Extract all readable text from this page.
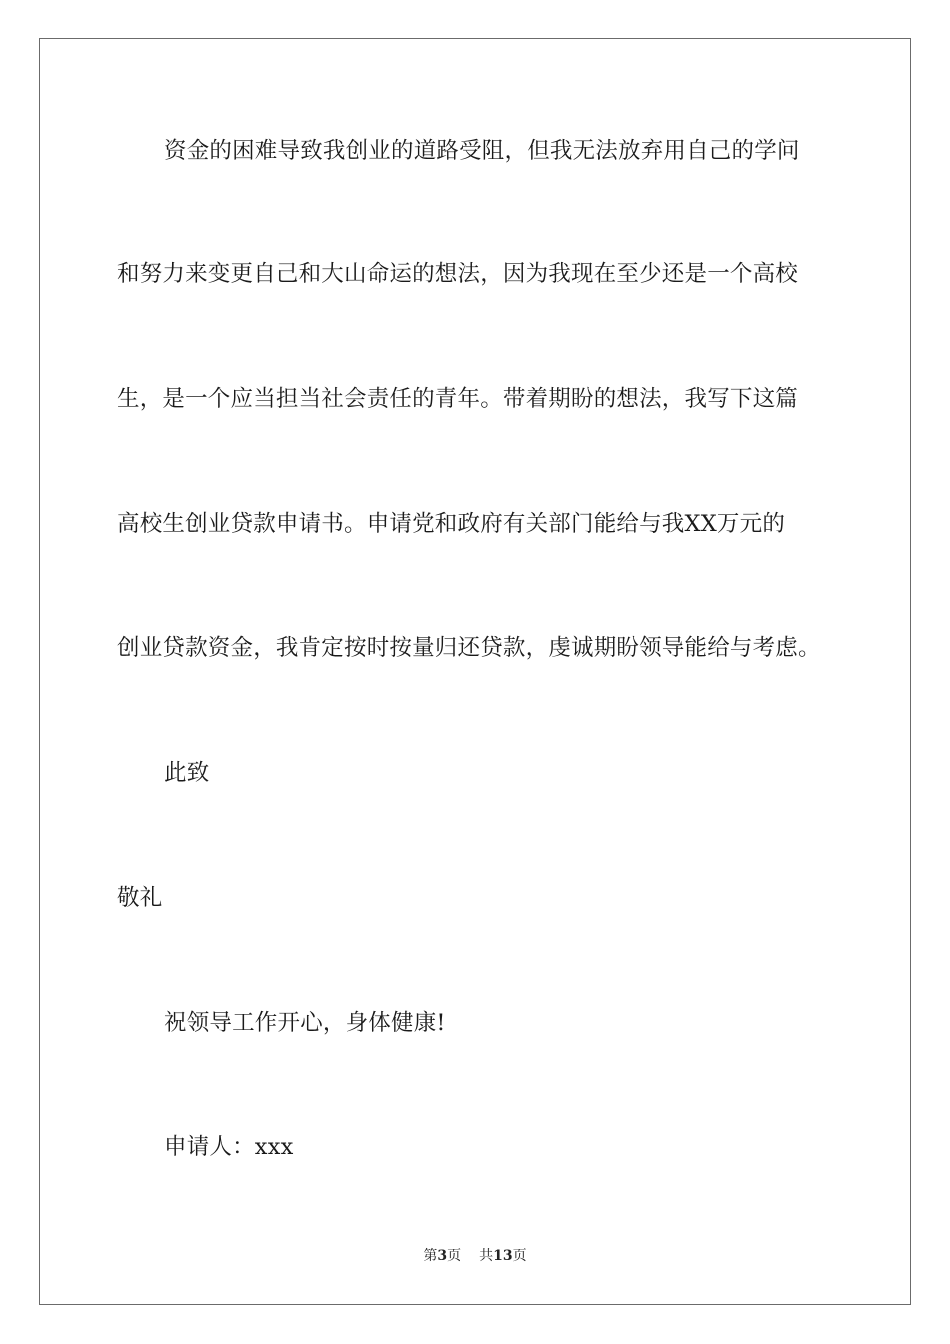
资金的困难导致我创业的道路受阻，但我无法放弃用自己的学问
和努力来变更自己和大山命运的想法，因为我现在至少还是一个高校
生，是一个应当担当社会责任的青年。带着期盼的想法，我写下这篇
高校生创业贷款申请书。申请党和政府有关部门能给与我XX万元的
创业贷款资金，我肯定按时按量归还贷款，虔诚期盼领导能给与考虑。
此致
敬礼
祝领导工作开心，身体健康!
申请人：xxx
第3页 共13页
